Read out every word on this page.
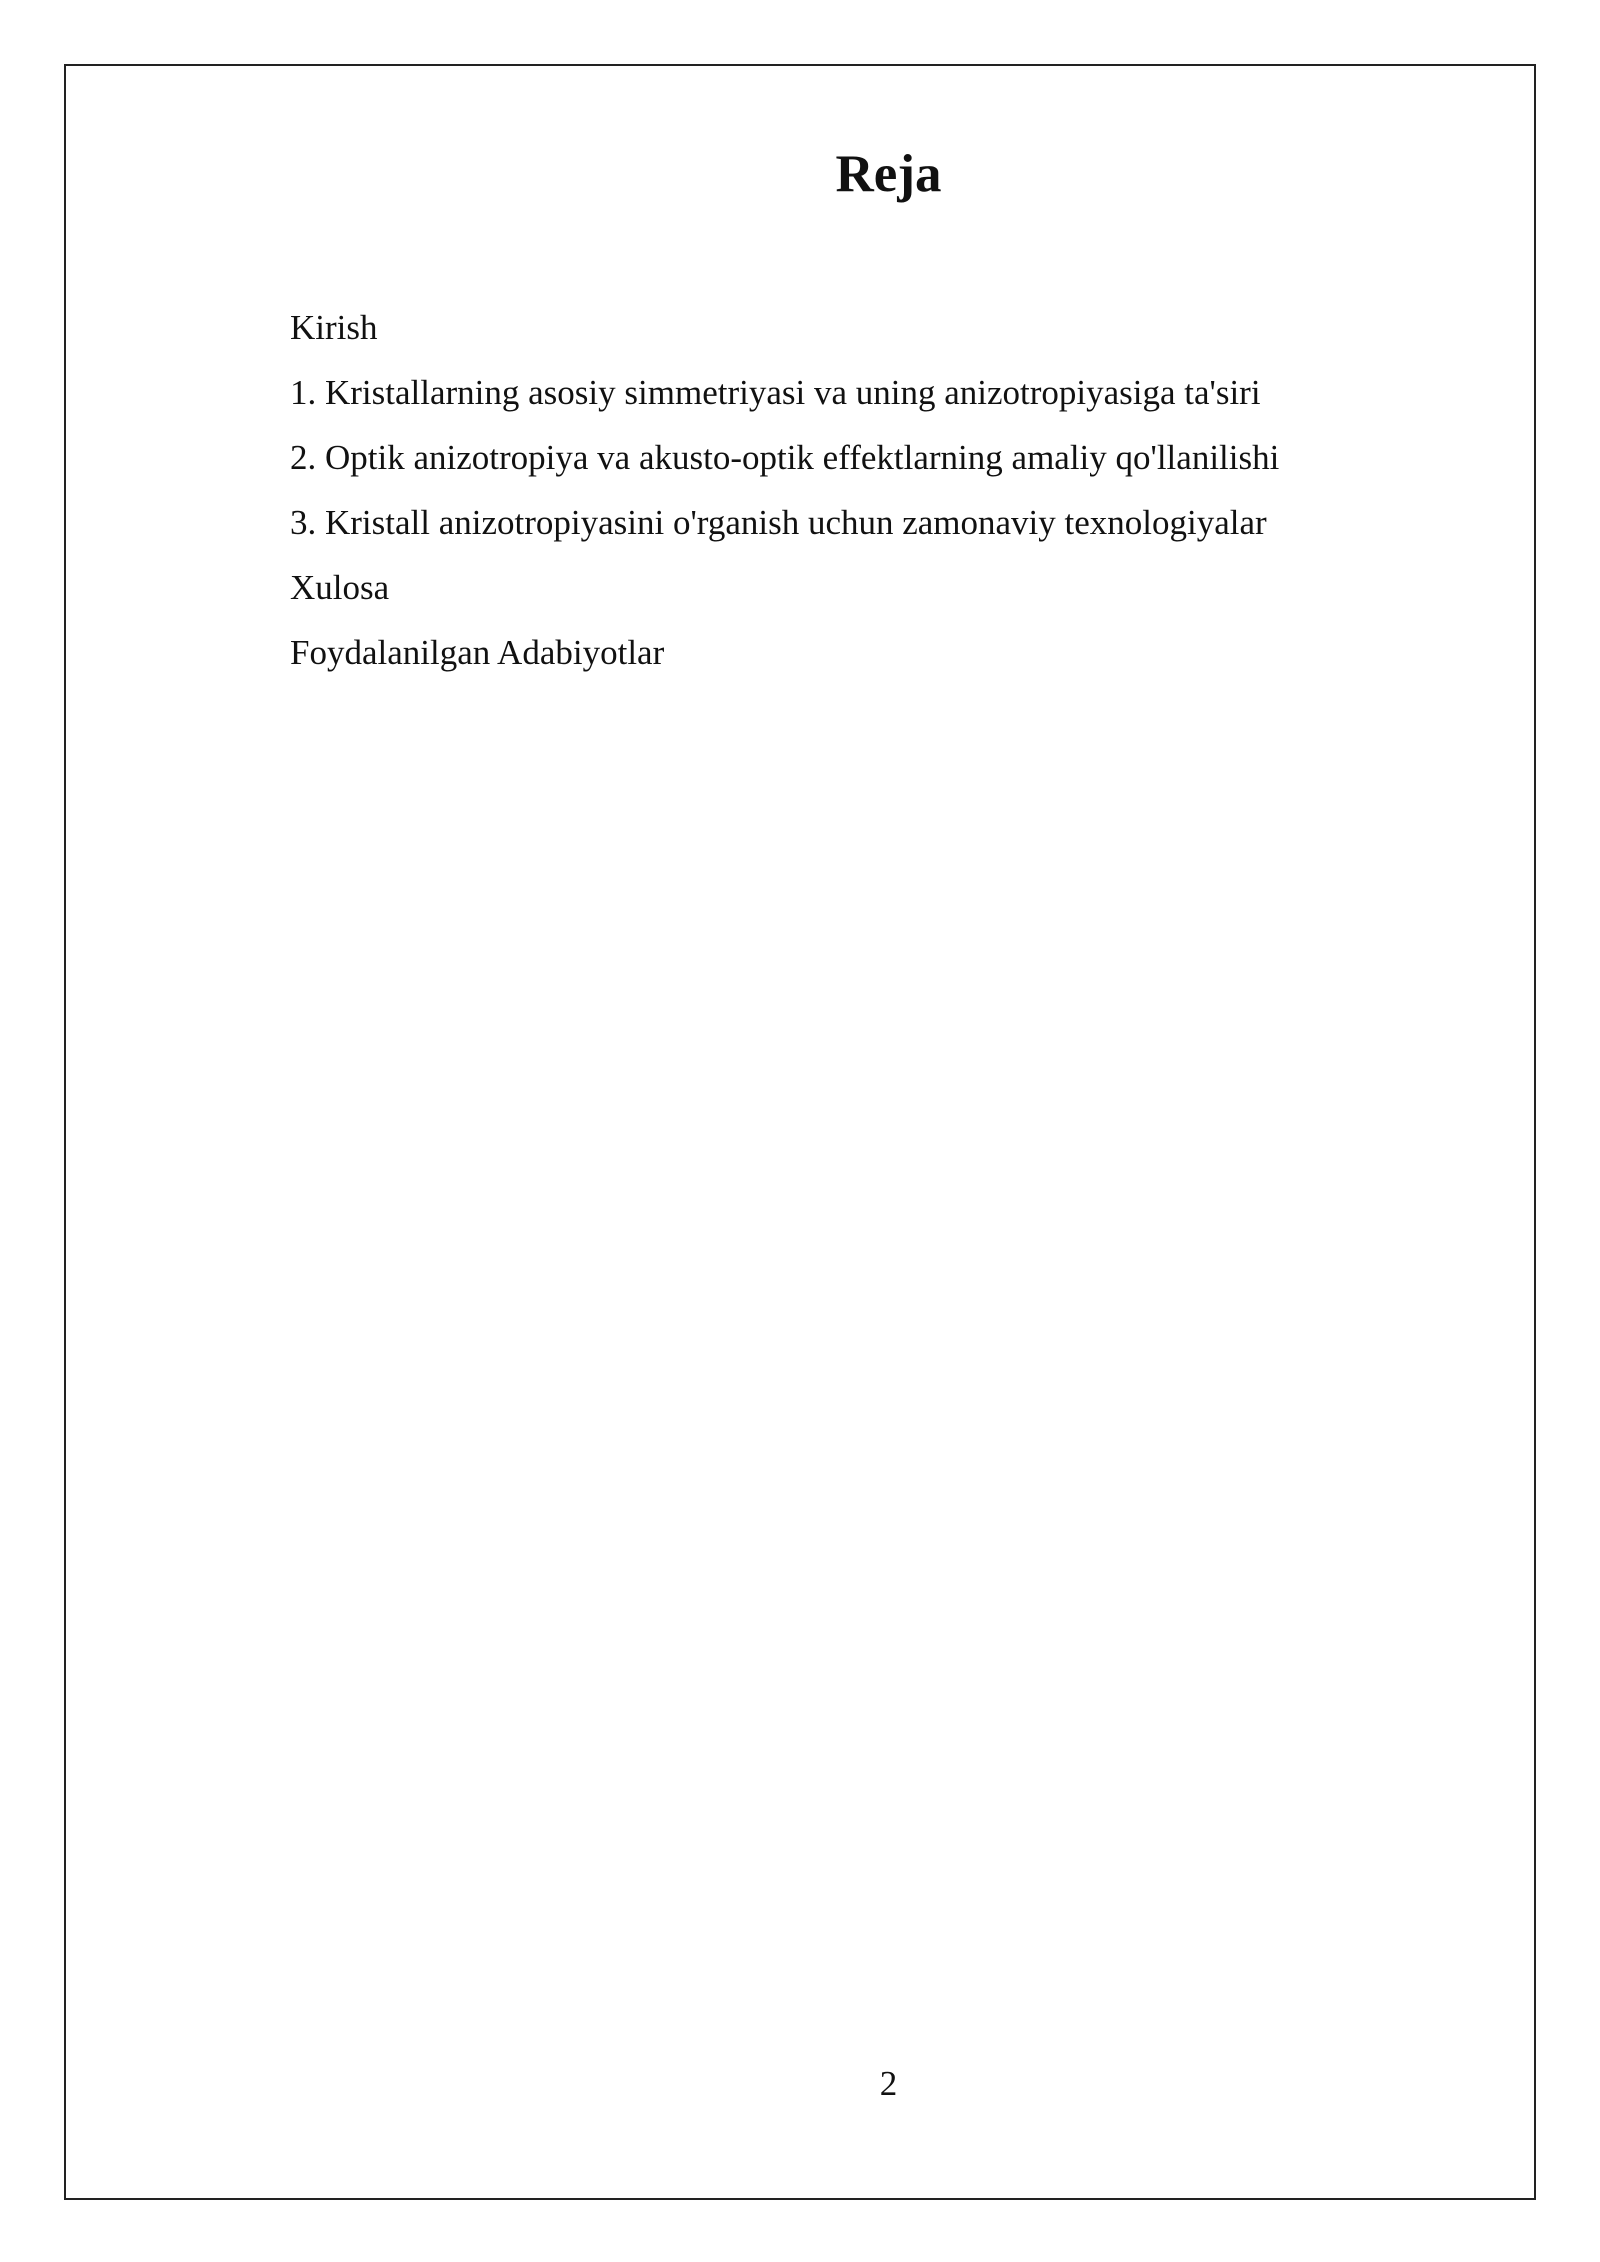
Reja
Kirish
1. Kristallarning asosiy simmetriyasi va uning anizotropiyasiga ta'siri
2. Optik anizotropiya va akusto-optik effektlarning amaliy qo'llanilishi
3. Kristall anizotropiyasini o'rganish uchun zamonaviy texnologiyalar
Xulosa
Foydalanilgan Adabiyotlar
2
